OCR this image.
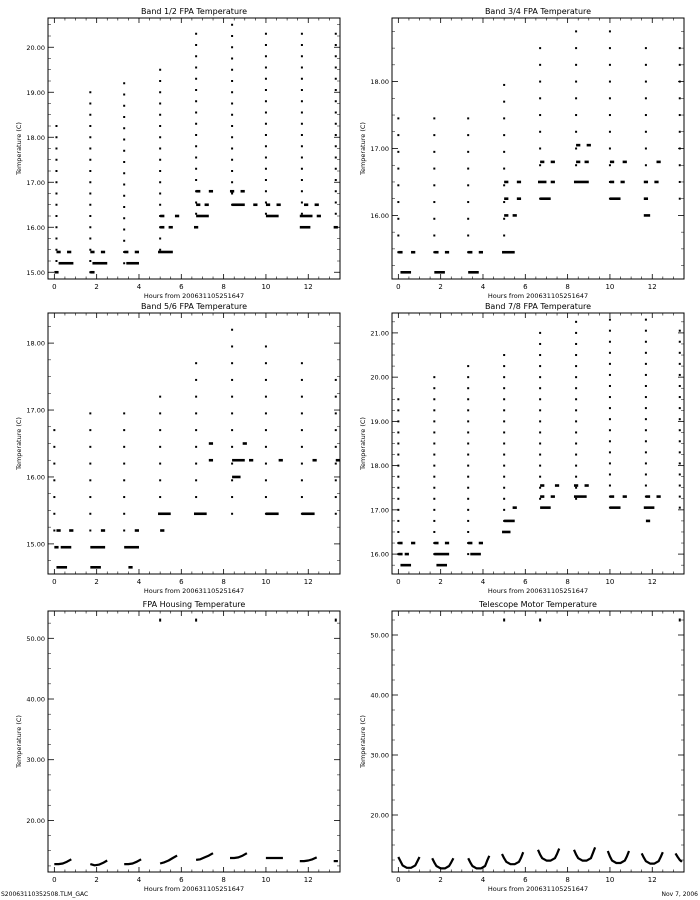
Band 1/2 FPA Temperature
Hours from 200631105251647
Temperature (C)
0	2	4	6	8	10	12
15.00
16.00
17.00
18.00
19.00
20.00
Band 3/4 FPA Temperature
Hours from 200631105251647
Temperature (C)
0	2	4	6	8	10	12
16.00
17.00
18.00
Band 5/6 FPA Temperature
Hours from 200631105251647
Temperature (C)
0	2	4	6	8	10	12
15.00
16.00
17.00
18.00
Band 7/8 FPA Temperature
Hours from 200631105251647
Temperature (C)
0	2	4	6	8	10	12
16.00
17.00
18.00
19.00
20.00
21.00
FPA Housing Temperature
Hours from 200631105251647
Temperature (C)
0	2	4	6	8	10	12
20.00
30.00
40.00
50.00
Telescope Motor Temperature
Hours from 200631105251647
Temperature (C)
0	2	4	6	8	10	12
20.00
30.00
40.00
50.00
S20063110352508.TLM_GAC	Nov 7, 2006
